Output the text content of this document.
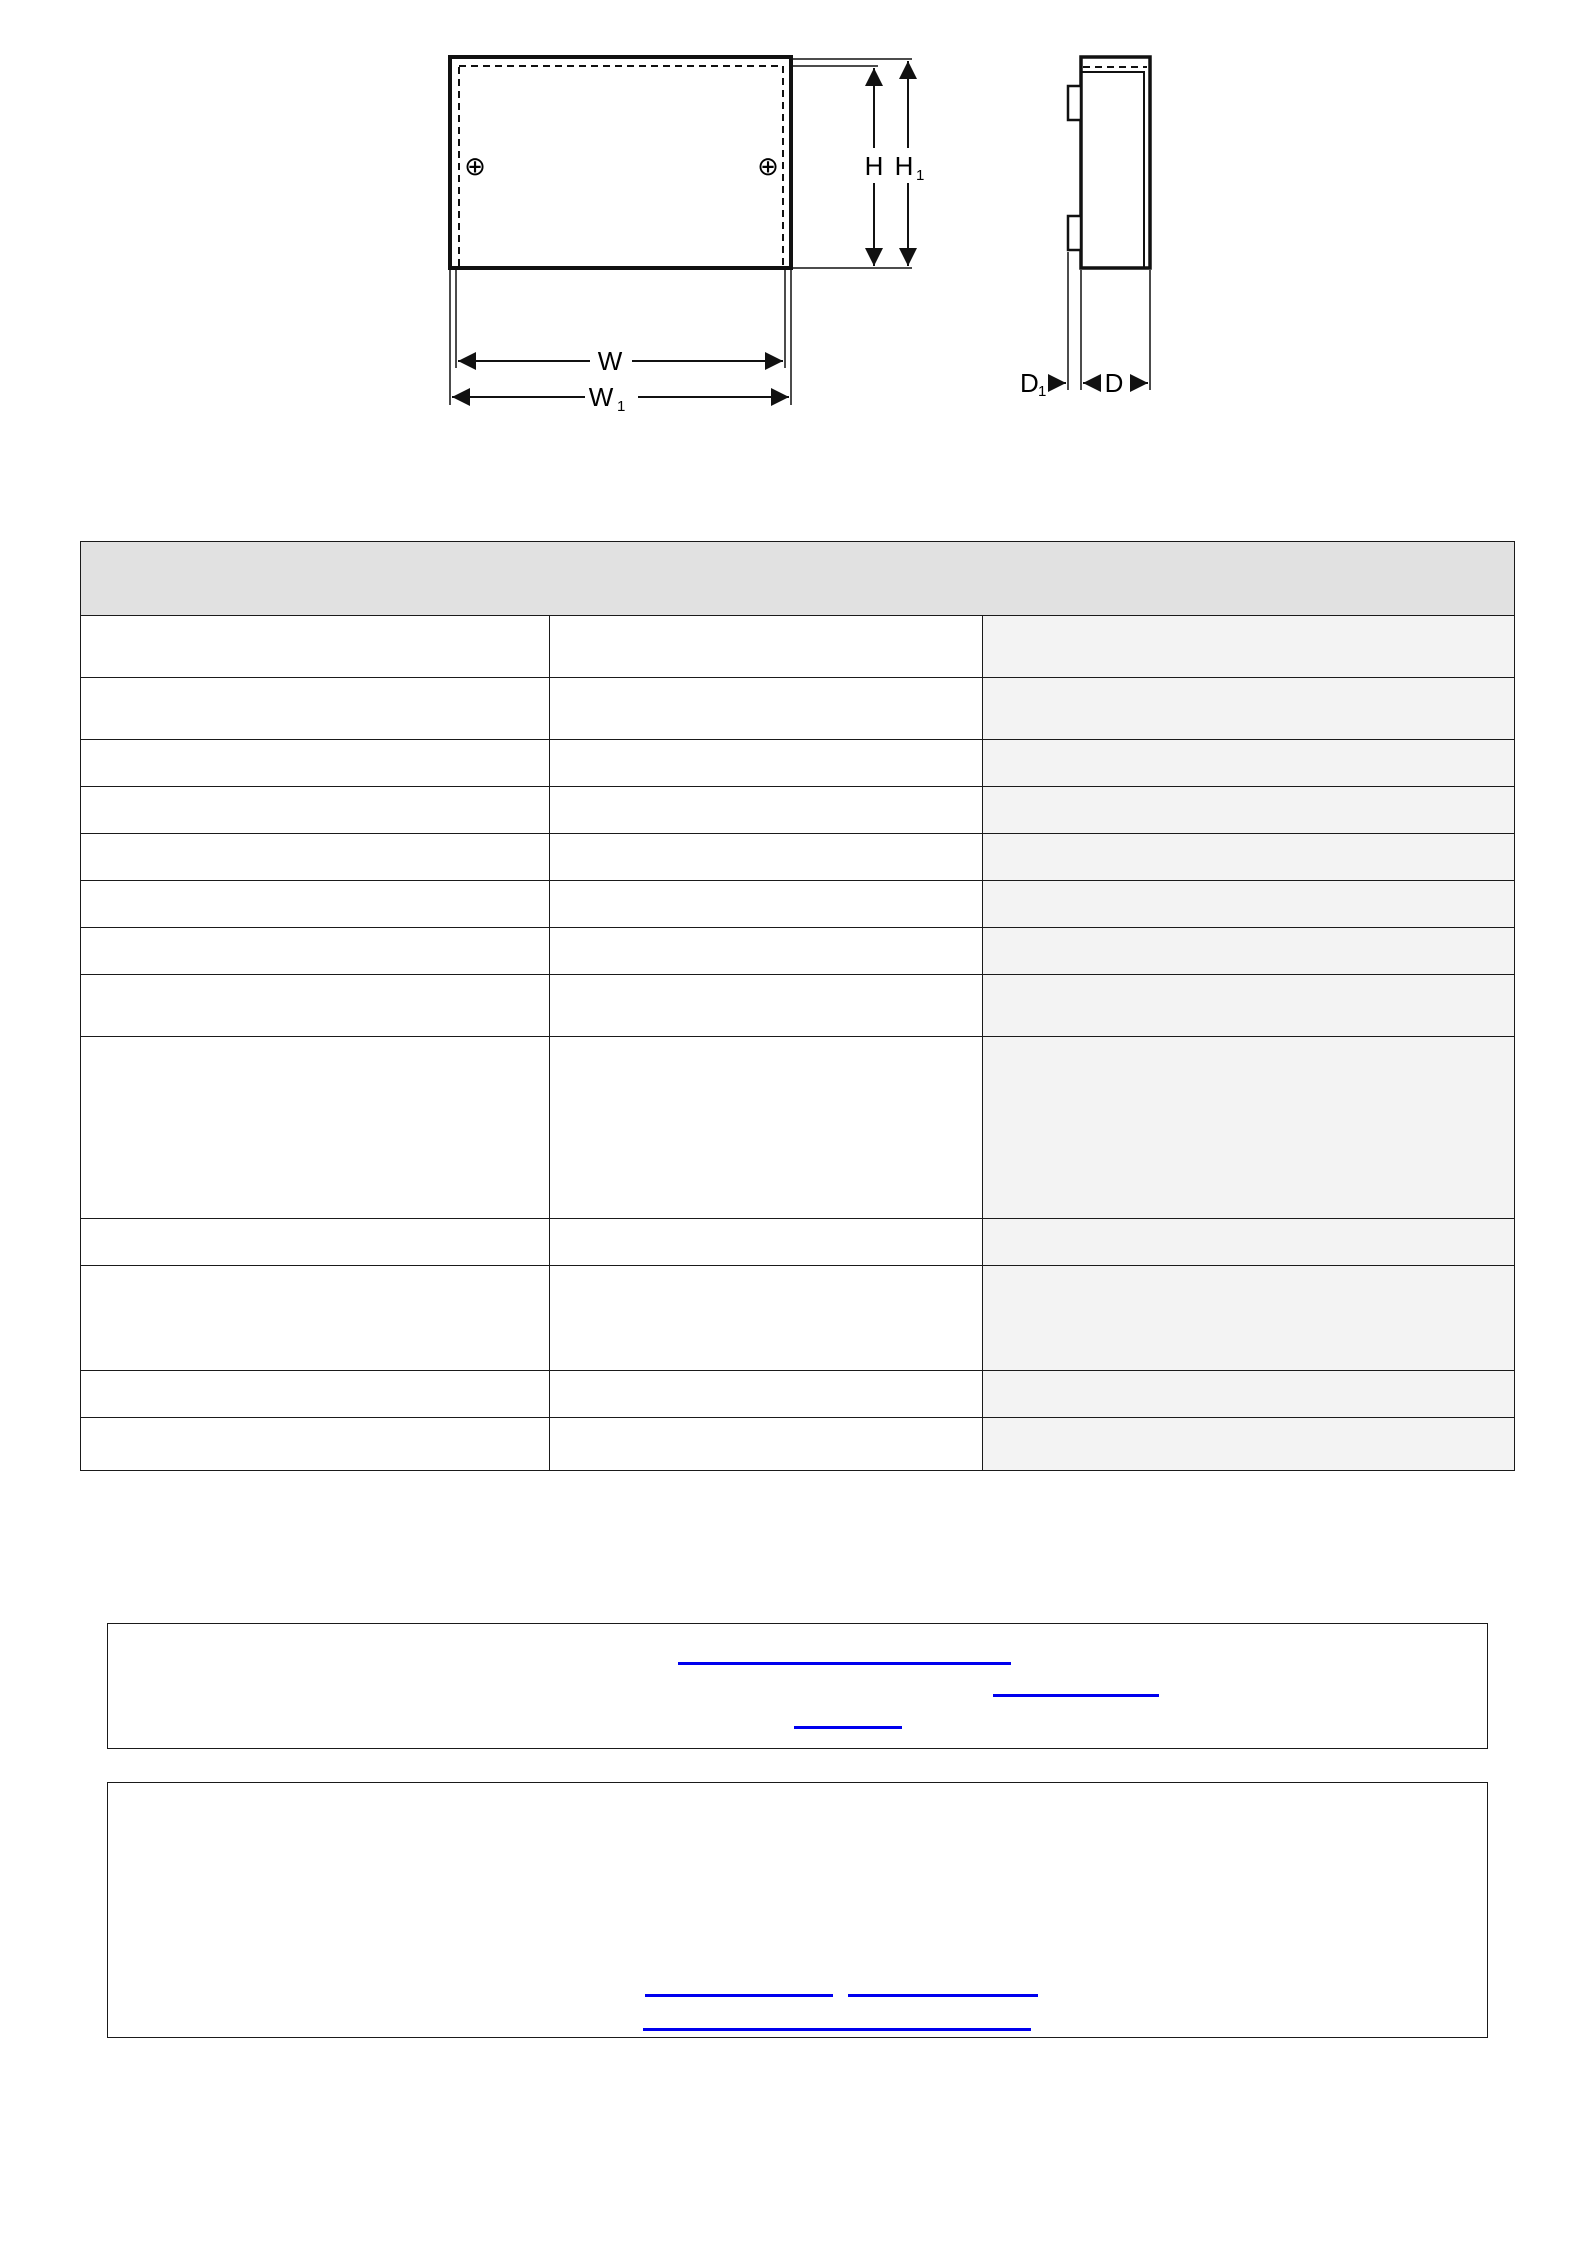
⊕	⊕
W
W 1
H H 1
D 1 D
